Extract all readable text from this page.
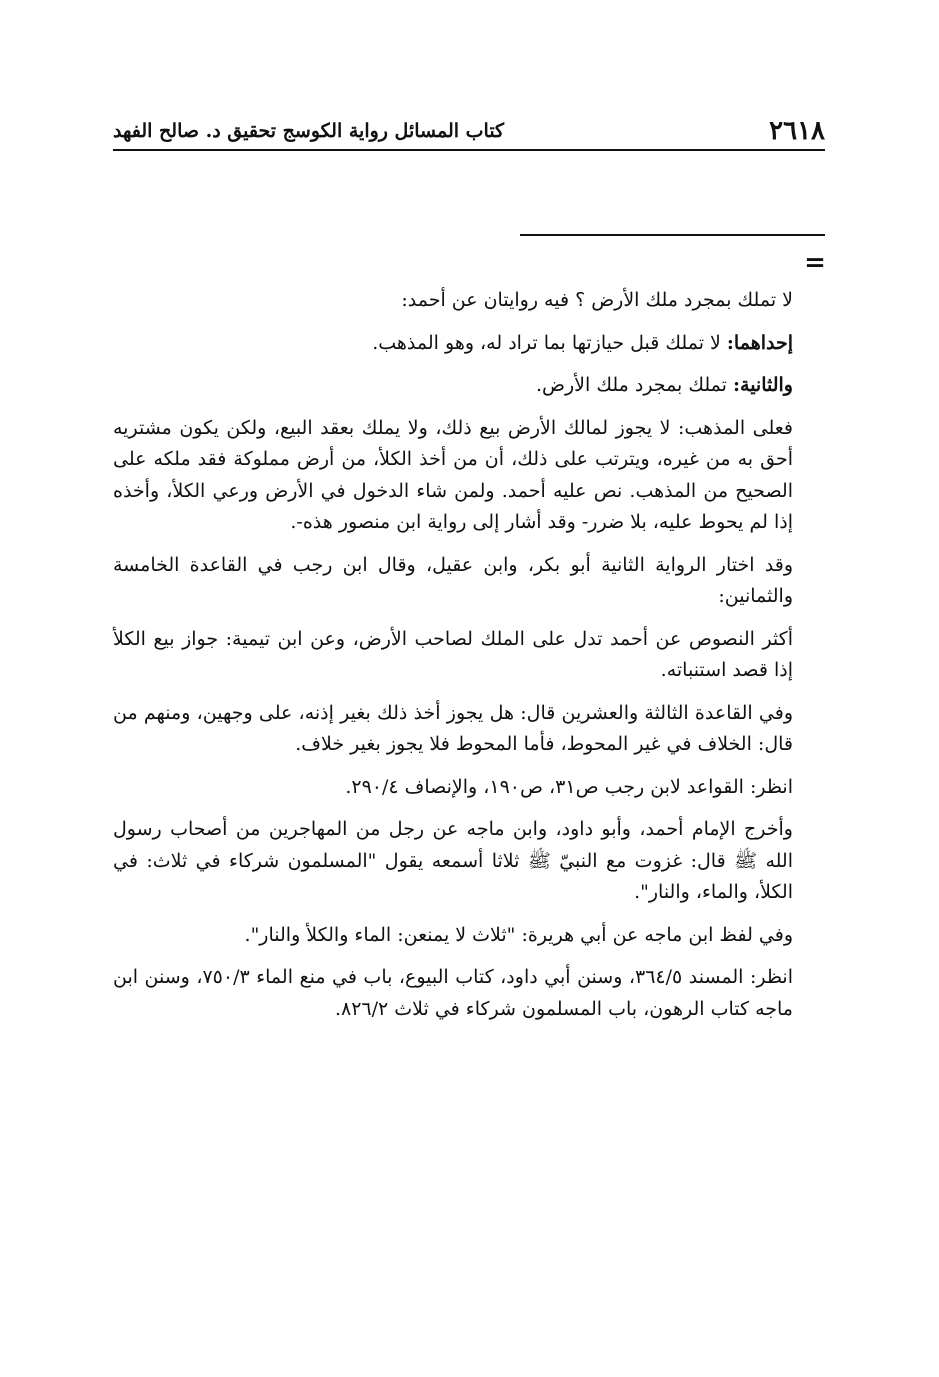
٢٦١٨
كتاب المسائل رواية الكوسج تحقيق د. صالح الفهد
=

لا تملك بمجرد ملك الأرض ؟ فيه روايتان عن أحمد:

إحداهما: لا تملك قبل حيازتها بما تراد له، وهو المذهب.

والثانية: تملك بمجرد ملك الأرض.

فعلى المذهب: لا يجوز لمالك الأرض بيع ذلك، ولا يملك بعقد البيع، ولكن يكون مشتريه أحق به من غيره، ويترتب على ذلك، أن من أخذ الكلأ، من أرض مملوكة فقد ملكه على الصحيح من المذهب. نص عليه أحمد. ولمن شاء الدخول في الأرض ورعي الكلأ، وأخذه إذا لم يحوط عليه، بلا ضرر- وقد أشار إلى رواية ابن منصور هذه-.

وقد اختار الرواية الثانية أبو بكر، وابن عقيل، وقال ابن رجب في القاعدة الخامسة والثمانين:

أكثر النصوص عن أحمد تدل على الملك لصاحب الأرض، وعن ابن تيمية: جواز بيع الكلأ إذا قصد استنباته.

وفي القاعدة الثالثة والعشرين قال: هل يجوز أخذ ذلك بغير إذنه، على وجهين، ومنهم من قال: الخلاف في غير المحوط، فأما المحوط فلا يجوز بغير خلاف.

انظر: القواعد لابن رجب ص٣١، ص١٩٠، والإنصاف ٢٩٠/٤.

وأخرج الإمام أحمد، وأبو داود، وابن ماجه عن رجل من المهاجرين من أصحاب رسول الله ﷺ قال: غزوت مع النبيّ ﷺ ثلاثا أسمعه يقول "المسلمون شركاء في ثلاث: في الكلأ، والماء، والنار".

وفي لفظ ابن ماجه عن أبي هريرة: "ثلاث لا يمنعن: الماء والكلأ والنار".

انظر: المسند ٣٦٤/٥، وسنن أبي داود، كتاب البيوع، باب في منع الماء ٧٥٠/٣، وسنن ابن ماجه كتاب الرهون، باب المسلمون شركاء في ثلاث ٨٢٦/٢.
